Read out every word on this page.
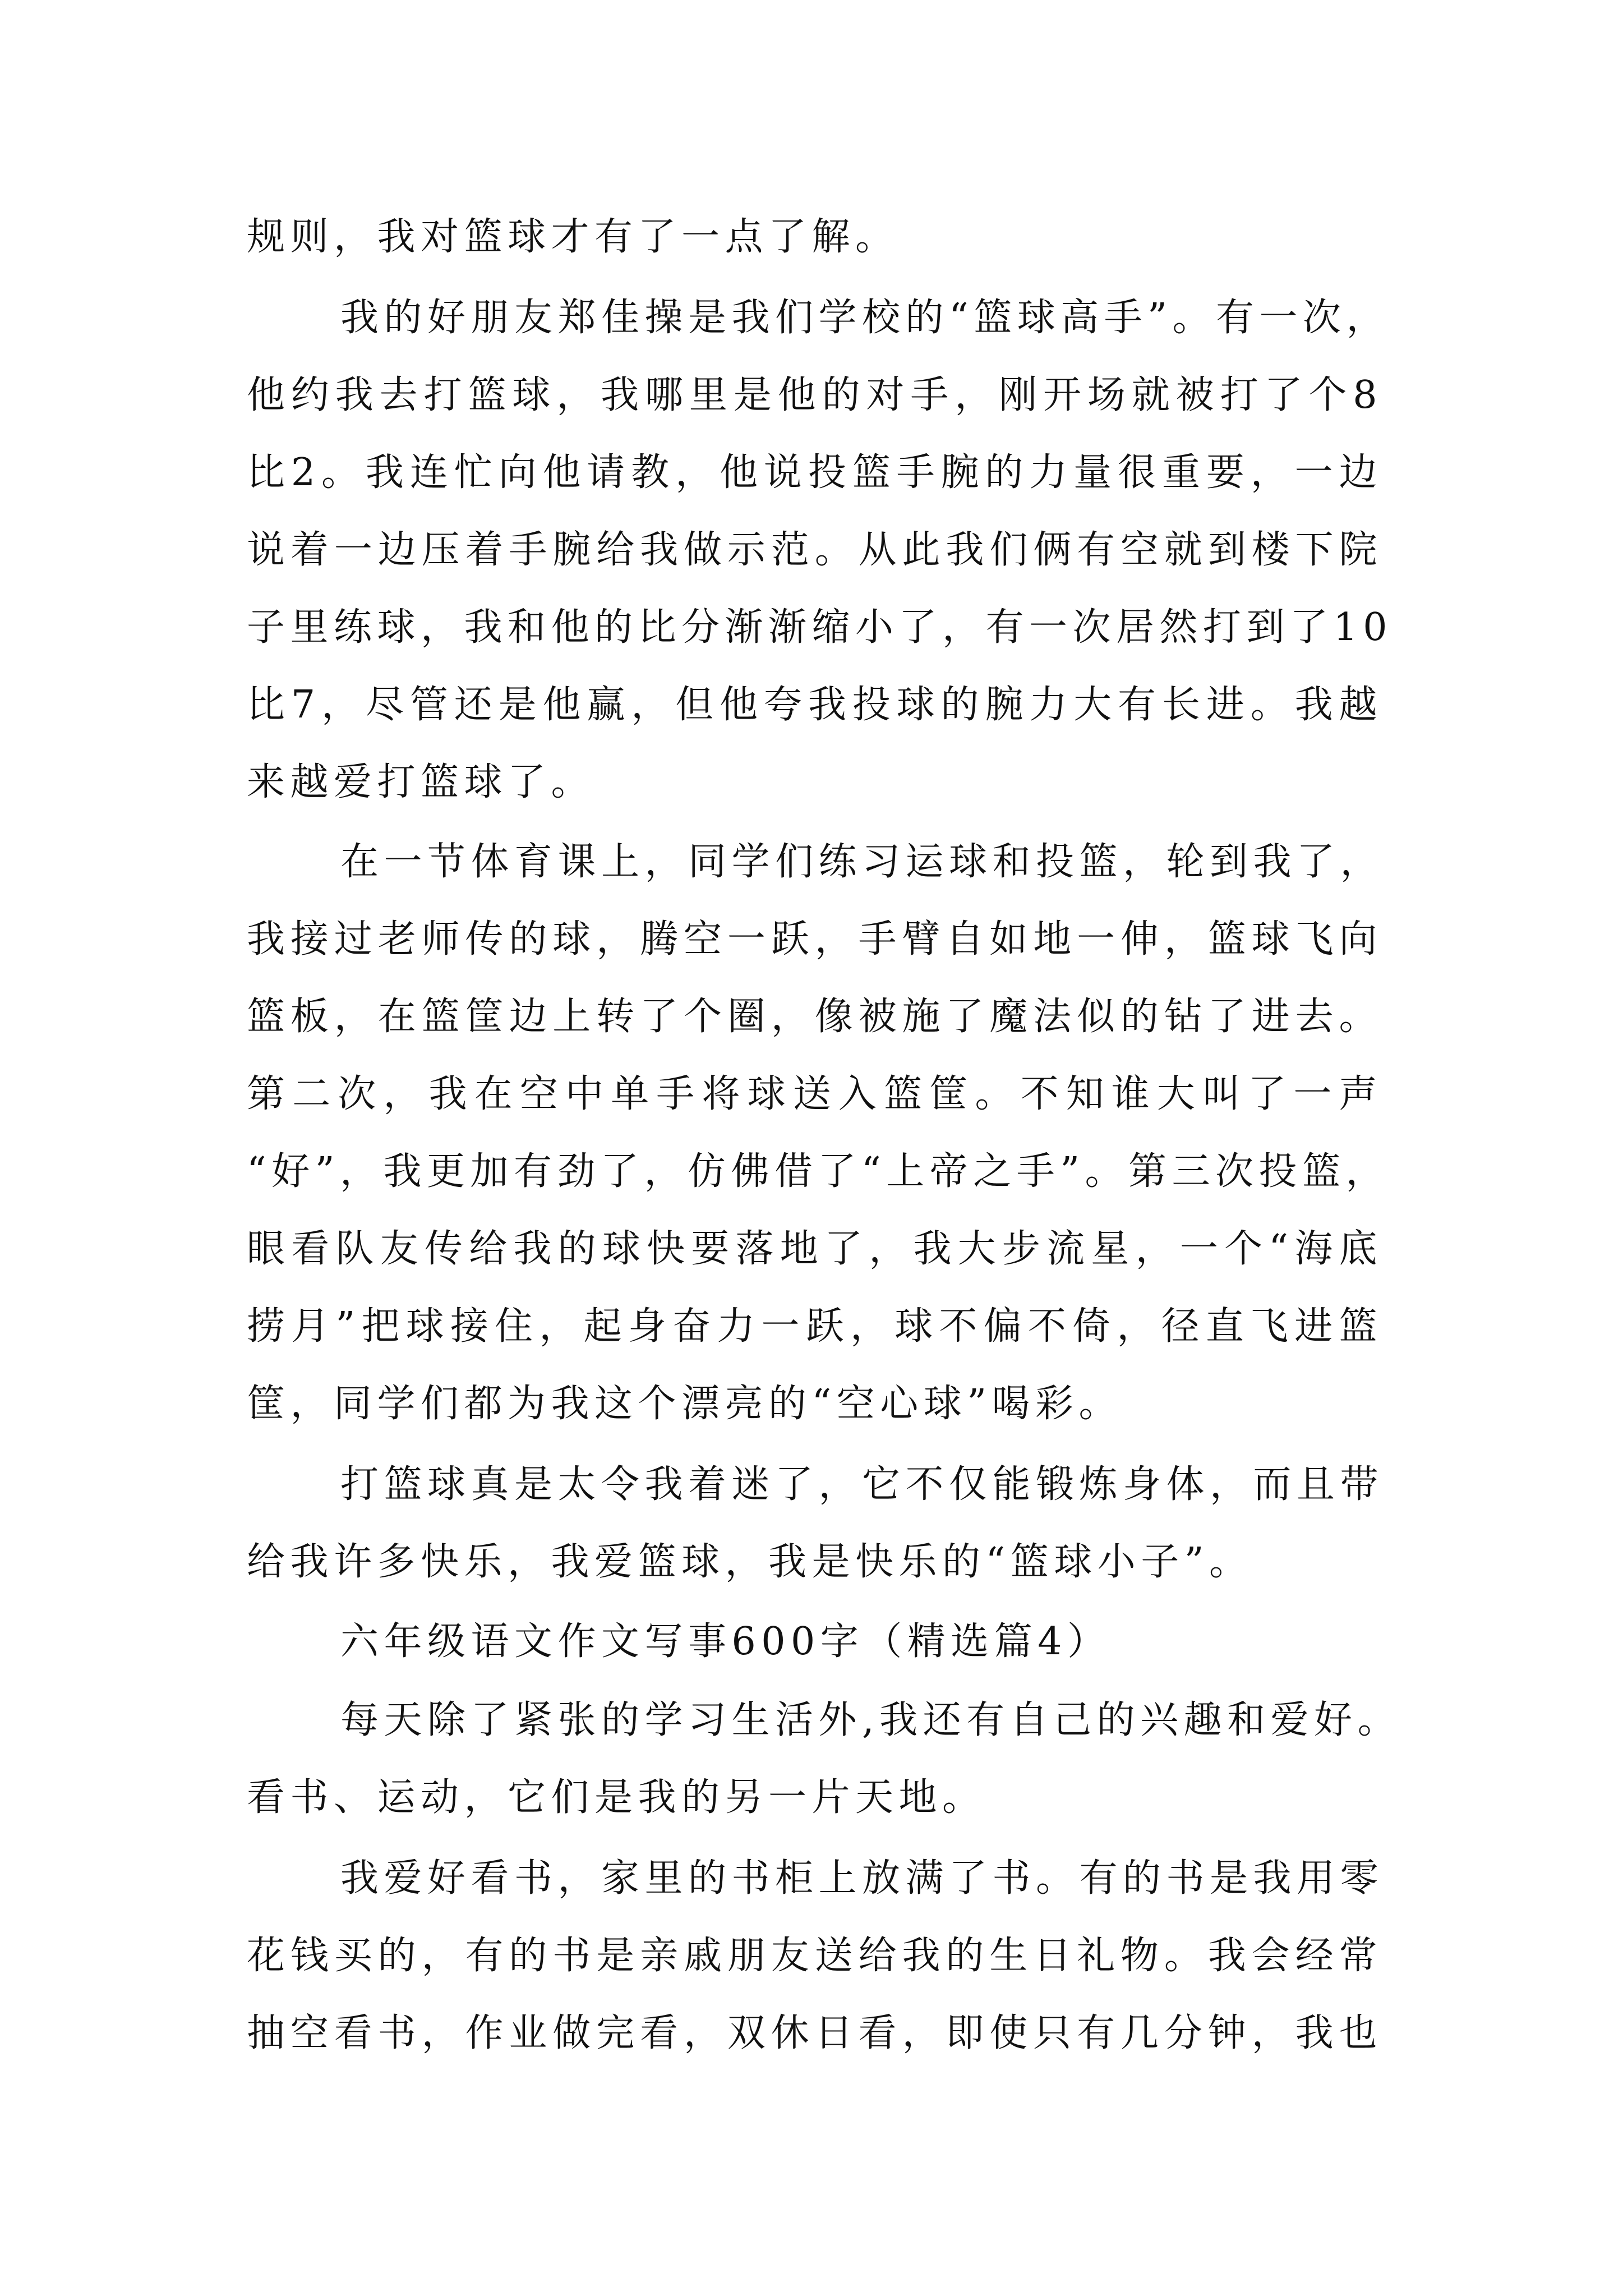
规则，我对篮球才有了一点了解。
我的好朋友郑佳操是我们学校的“篮球高手”。有一次，
他约我去打篮球，我哪里是他的对手，刚开场就被打了个8
比2。我连忙向他请教，他说投篮手腕的力量很重要，一边
说着一边压着手腕给我做示范。从此我们俩有空就到楼下院
子里练球，我和他的比分渐渐缩小了，有一次居然打到了10
比7，尽管还是他赢，但他夸我投球的腕力大有长进。我越
来越爱打篮球了。
在一节体育课上，同学们练习运球和投篮，轮到我了，
我接过老师传的球，腾空一跃，手臂自如地一伸，篮球飞向
篮板，在篮筐边上转了个圈，像被施了魔法似的钻了进去。
第二次，我在空中单手将球送入篮筐。不知谁大叫了一声
“好”，我更加有劲了，仿佛借了“上帝之手”。第三次投篮，
眼看队友传给我的球快要落地了，我大步流星，一个“海底
捞月”把球接住，起身奋力一跃，球不偏不倚，径直飞进篮
筐，同学们都为我这个漂亮的“空心球”喝彩。
打篮球真是太令我着迷了，它不仅能锻炼身体，而且带
给我许多快乐，我爱篮球，我是快乐的“篮球小子”。
六年级语文作文写事600字（精选篇4）
每天除了紧张的学习生活外,我还有自己的兴趣和爱好。
看书、运动，它们是我的另一片天地。
我爱好看书，家里的书柜上放满了书。有的书是我用零
花钱买的，有的书是亲戚朋友送给我的生日礼物。我会经常
抽空看书，作业做完看，双休日看，即使只有几分钟，我也
